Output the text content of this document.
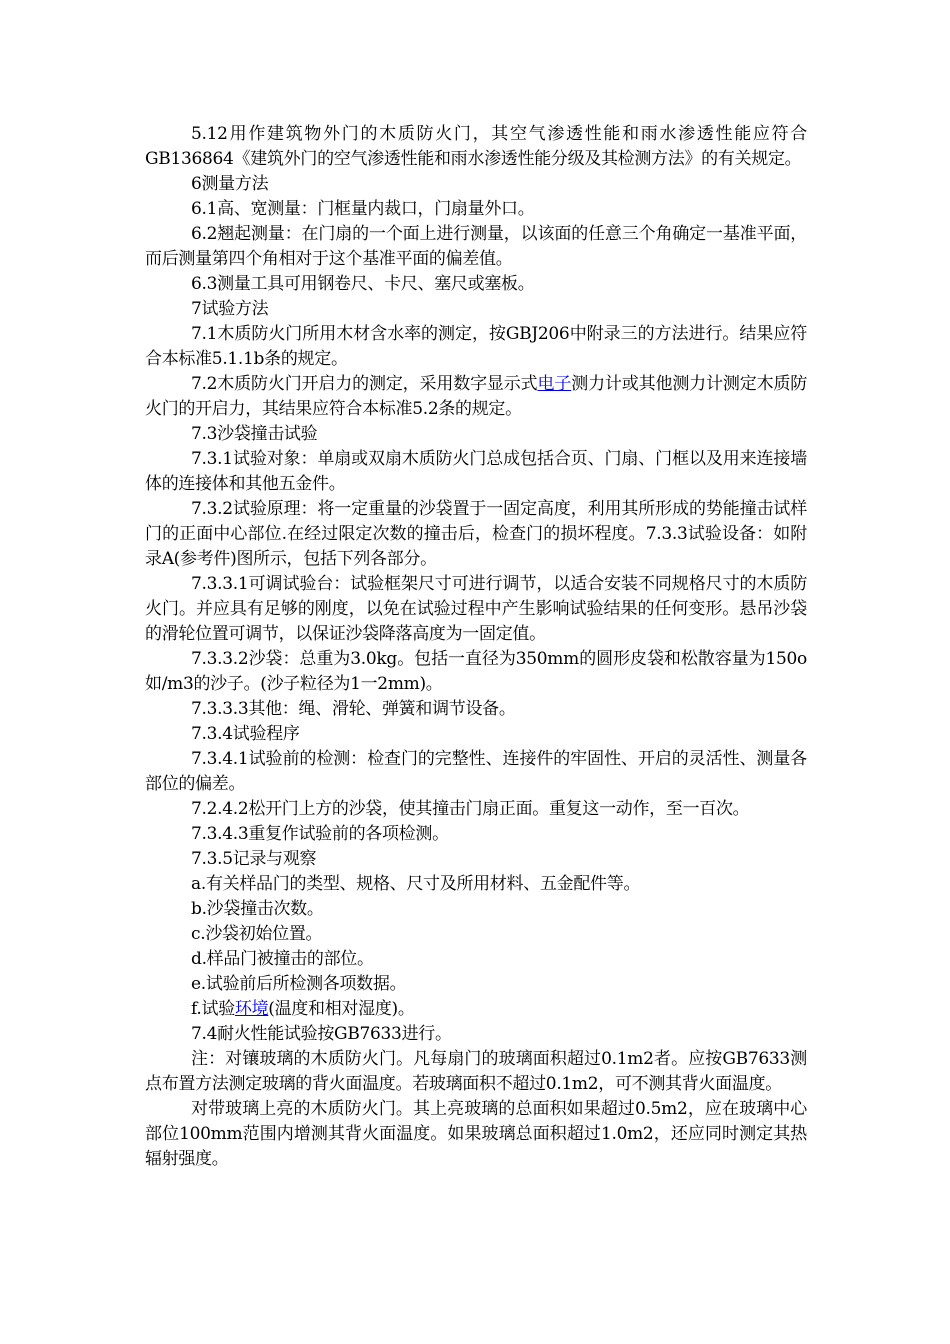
5.12用作建筑物外门的木质防火门，其空气渗透性能和雨水渗透性能应符合GB136864《建筑外门的空气渗透性能和雨水渗透性能分级及其检测方法》的有关规定。

6测量方法

6.1高、宽测量：门框量内裁口，门扇量外口。

6.2翘起测量：在门扇的一个面上进行测量，以该面的任意三个角确定一基准平面，而后测量第四个角相对于这个基准平面的偏差值。

6.3测量工具可用钢卷尺、卡尺、塞尺或塞板。

7试验方法

7.1木质防火门所用木材含水率的测定，按GBJ206中附录三的方法进行。结果应符合本标准5.1.1b条的规定。

7.2木质防火门开启力的测定，采用数字显示式电子测力计或其他测力计测定木质防火门的开启力，其结果应符合本标准5.2条的规定。

7.3沙袋撞击试验

7.3.1试验对象：单扇或双扇木质防火门总成包括合页、门扇、门框以及用来连接墙体的连接体和其他五金件。

7.3.2试验原理：将一定重量的沙袋置于一固定高度，利用其所形成的势能撞击试样门的正面中心部位.在经过限定次数的撞击后，检查门的损坏程度。7.3.3试验设备：如附录A(参考件)图所示，包括下列各部分。

7.3.3.1可调试验台：试验框架尺寸可进行调节，以适合安装不同规格尺寸的木质防火门。并应具有足够的刚度，以免在试验过程中产生影响试验结果的任何变形。悬吊沙袋的滑轮位置可调节，以保证沙袋降落高度为一固定值。

7.3.3.2沙袋：总重为3.0kg。包括一直径为350mm的圆形皮袋和松散容量为150o如/m3的沙子。(沙子粒径为1一2mm)。

7.3.3.3其他：绳、滑轮、弹簧和调节设备。

7.3.4试验程序

7.3.4.1试验前的检测：检查门的完整性、连接件的牢固性、开启的灵活性、测量各部位的偏差。

7.2.4.2松开门上方的沙袋，使其撞击门扇正面。重复这一动作，至一百次。

7.3.4.3重复作试验前的各项检测。

7.3.5记录与观察

a.有关样品门的类型、规格、尺寸及所用材料、五金配件等。

b.沙袋撞击次数。

c.沙袋初始位置。

d.样品门被撞击的部位。

e.试验前后所检测各项数据。

f.试验环境(温度和相对湿度)。

7.4耐火性能试验按GB7633进行。

注：对镶玻璃的木质防火门。凡每扇门的玻璃面积超过0.1m2者。应按GB7633测点布置方法测定玻璃的背火面温度。若玻璃面积不超过0.1m2，可不测其背火面温度。

对带玻璃上亮的木质防火门。其上亮玻璃的总面积如果超过0.5m2，应在玻璃中心部位100mm范围内增测其背火面温度。如果玻璃总面积超过1.0m2，还应同时测定其热辐射强度。
